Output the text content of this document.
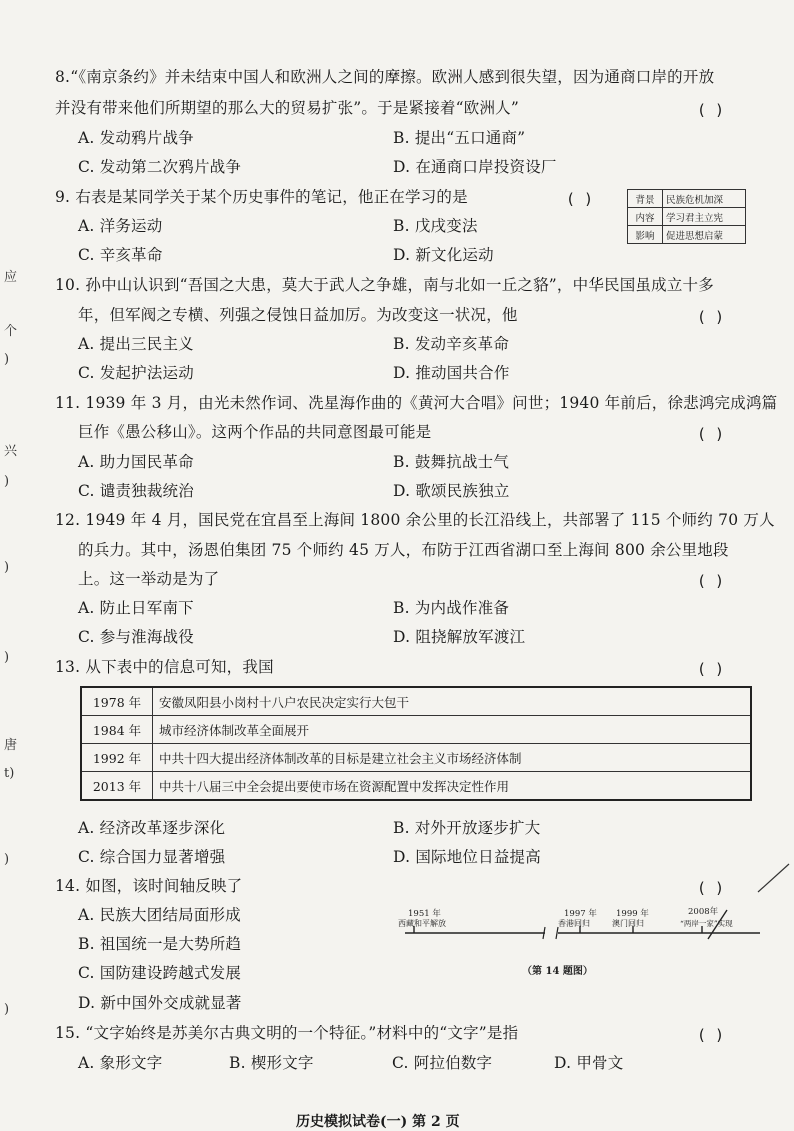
应
个
)
兴
)
)
)
唐
t)
)
)
8.“《南京条约》并未结束中国人和欧洲人之间的摩擦。欧洲人感到很失望，因为通商口岸的开放
并没有带来他们所期望的那么大的贸易扩张”。于是紧接着“欧洲人”	( )
A. 发动鸦片战争	B. 提出“五口通商”
C. 发动第二次鸦片战争	D. 在通商口岸投资设厂
9. 右表是某同学关于某个历史事件的笔记，他正在学习的是	( )
A. 洋务运动	B. 戊戌变法
C. 辛亥革命	D. 新文化运动
背景	民族危机加深
内容	学习君主立宪
影响	促进思想启蒙
10. 孙中山认识到“吾国之大患，莫大于武人之争雄，南与北如一丘之貉”，中华民国虽成立十多
年，但军阀之专横、列强之侵蚀日益加厉。为改变这一状况，他	( )
A. 提出三民主义	B. 发动辛亥革命
C. 发起护法运动	D. 推动国共合作
11. 1939 年 3 月，由光未然作词、冼星海作曲的《黄河大合唱》问世；1940 年前后，徐悲鸿完成鸿篇
巨作《愚公移山》。这两个作品的共同意图最可能是	( )
A. 助力国民革命	B. 鼓舞抗战士气
C. 谴责独裁统治	D. 歌颂民族独立
12. 1949 年 4 月，国民党在宜昌至上海间 1800 余公里的长江沿线上，共部署了 115 个师约 70 万人
的兵力。其中，汤恩伯集团 75 个师约 45 万人，布防于江西省湖口至上海间 800 余公里地段
上。这一举动是为了	( )
A. 防止日军南下	B. 为内战作准备
C. 参与淮海战役	D. 阻挠解放军渡江
13. 从下表中的信息可知，我国	( )
1978 年	安徽凤阳县小岗村十八户农民决定实行大包干
1984 年	城市经济体制改革全面展开
1992 年	中共十四大提出经济体制改革的目标是建立社会主义市场经济体制
2013 年	中共十八届三中全会提出要使市场在资源配置中发挥决定性作用
A. 经济改革逐步深化	B. 对外开放逐步扩大
C. 综合国力显著增强	D. 国际地位日益提高
14. 如图，该时间轴反映了	( )
A. 民族大团结局面形成
B. 祖国统一是大势所趋
C. 国防建设跨越式发展
D. 新中国外交成就显著
1951 年
西藏和平解放
1997 年
香港回归
1999 年
澳门回归
2008年
“两岸一家”实现
（第 14 题图）
15. “文字始终是苏美尔古典文明的一个特征。”材料中的“文字”是指	( )
A. 象形文字	B. 楔形文字	C. 阿拉伯数字	D. 甲骨文
历史模拟试卷(一) 第 2 页
